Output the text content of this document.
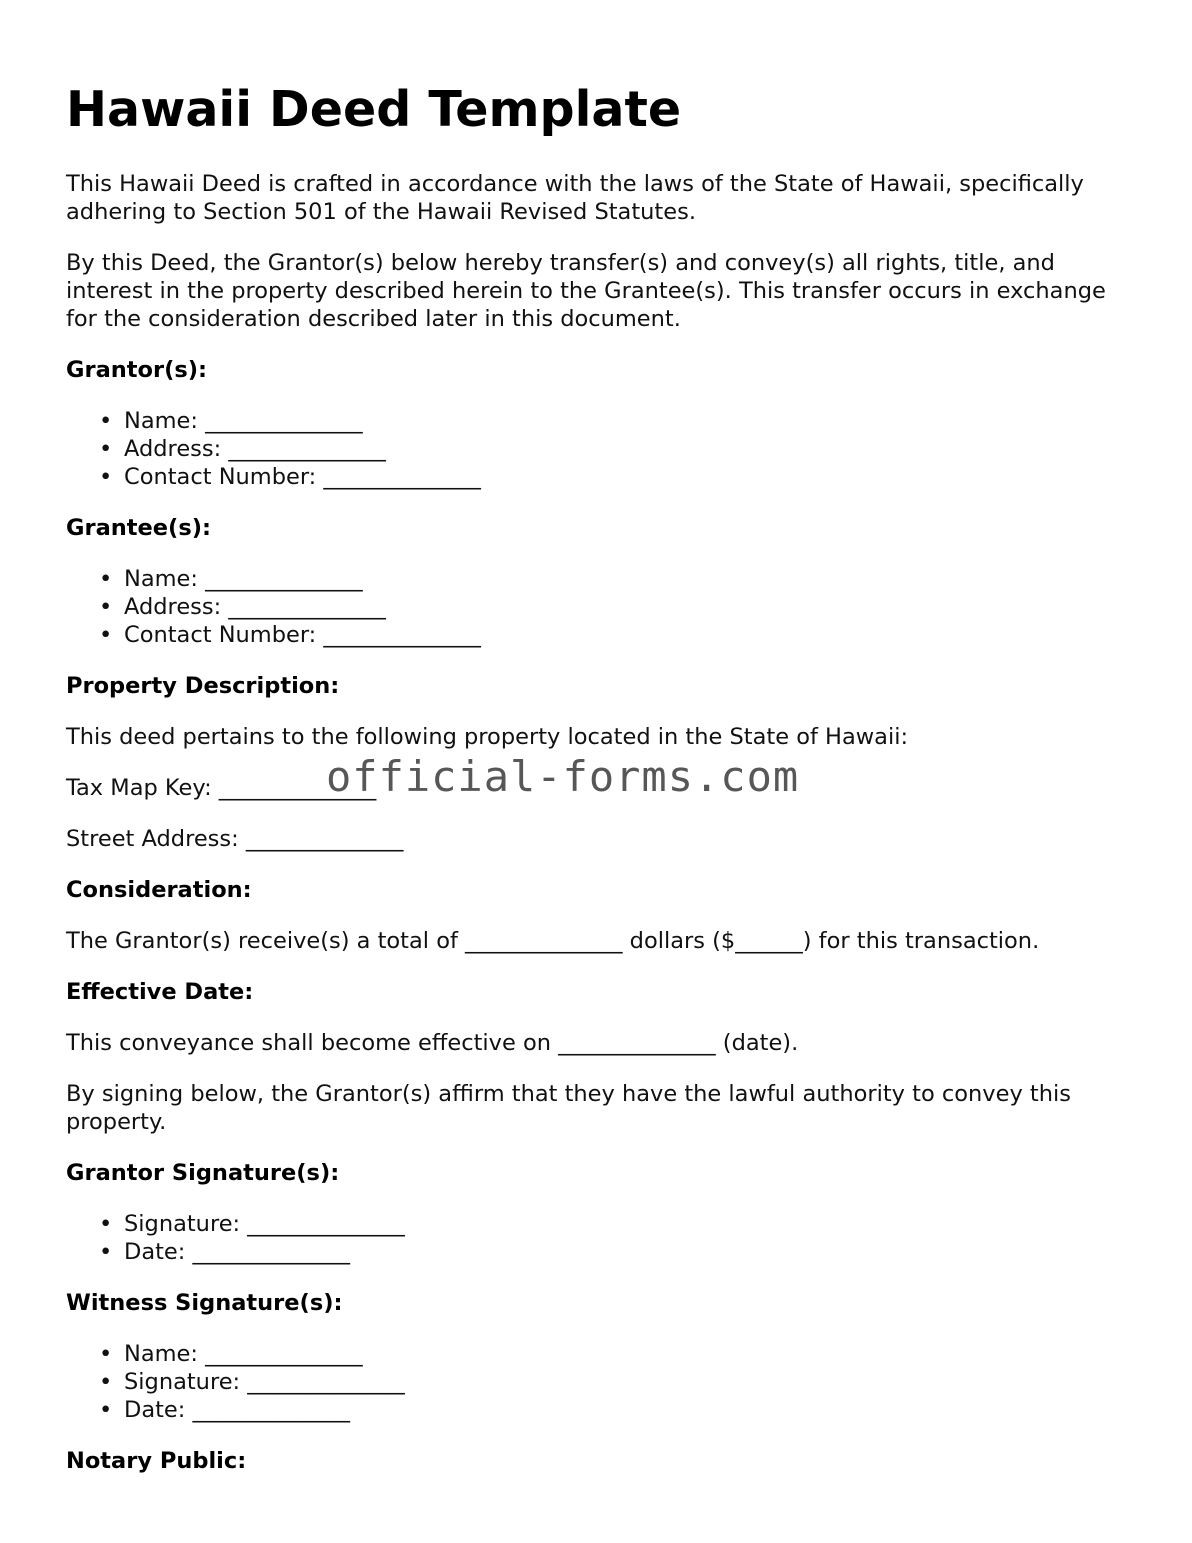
Hawaii Deed Template

This Hawaii Deed is crafted in accordance with the laws of the State of Hawaii, specifically adhering to Section 501 of the Hawaii Revised Statutes.

By this Deed, the Grantor(s) below hereby transfer(s) and convey(s) all rights, title, and interest in the property described herein to the Grantee(s). This transfer occurs in exchange for the consideration described later in this document.

Grantor(s):
• Name: ______________
• Address: ______________
• Contact Number: ______________
Grantee(s):
• Name: ______________
• Address: ______________
• Contact Number: ______________
Property Description:

This deed pertains to the following property located in the State of Hawaii:

Tax Map Key: ______________

Street Address: ______________

Consideration:

The Grantor(s) receive(s) a total of ______________ dollars ($______) for this transaction.

Effective Date:

This conveyance shall become effective on ______________ (date).

By signing below, the Grantor(s) affirm that they have the lawful authority to convey this property.

Grantor Signature(s):
• Signature: ______________
• Date: ______________
Witness Signature(s):
• Name: ______________
• Signature: ______________
• Date: ______________
Notary Public:
official-forms.com
